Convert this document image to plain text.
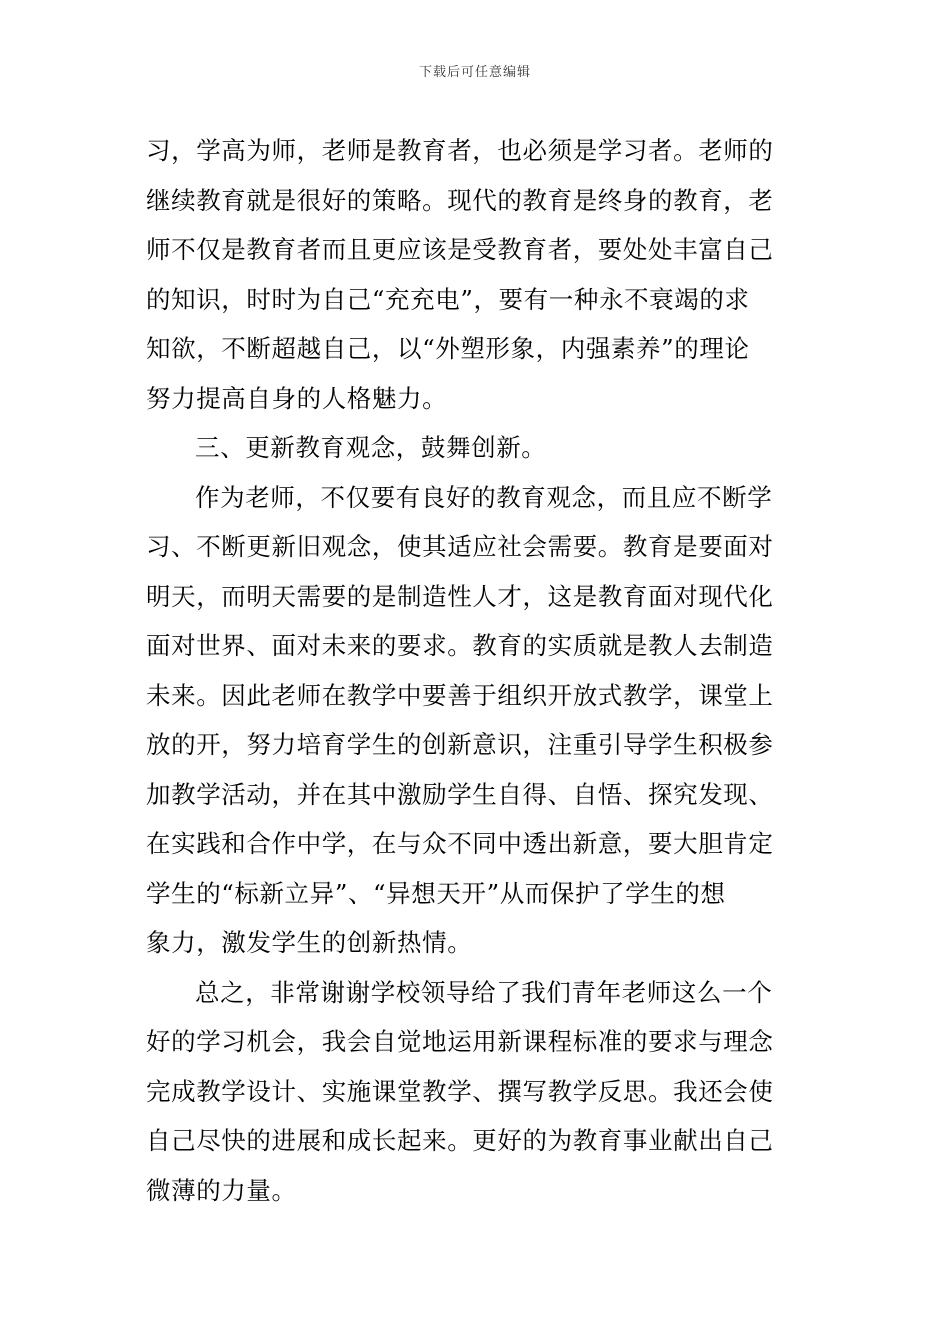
下载后可任意编辑
习，学高为师，老师是教育者，也必须是学习者。老师的
继续教育就是很好的策略。现代的教育是终身的教育，老
师不仅是教育者而且更应该是受教育者，要处处丰富自己
的知识，时时为自己“充充电”，要有一种永不衰竭的求
知欲，不断超越自己，以“外塑形象，内强素养”的理论
努力提高自身的人格魅力。
三、更新教育观念，鼓舞创新。
作为老师，不仅要有良好的教育观念，而且应不断学
习、不断更新旧观念，使其适应社会需要。教育是要面对
明天，而明天需要的是制造性人才，这是教育面对现代化
面对世界、面对未来的要求。教育的实质就是教人去制造
未来。因此老师在教学中要善于组织开放式教学，课堂上
放的开，努力培育学生的创新意识，注重引导学生积极参
加教学活动，并在其中激励学生自得、自悟、探究发现、
在实践和合作中学，在与众不同中透出新意，要大胆肯定
学生的“标新立异”、“异想天开”从而保护了学生的想
象力，激发学生的创新热情。
总之，非常谢谢学校领导给了我们青年老师这么一个
好的学习机会，我会自觉地运用新课程标准的要求与理念
完成教学设计、实施课堂教学、撰写教学反思。我还会使
自己尽快的进展和成长起来。更好的为教育事业献出自己
微薄的力量。
